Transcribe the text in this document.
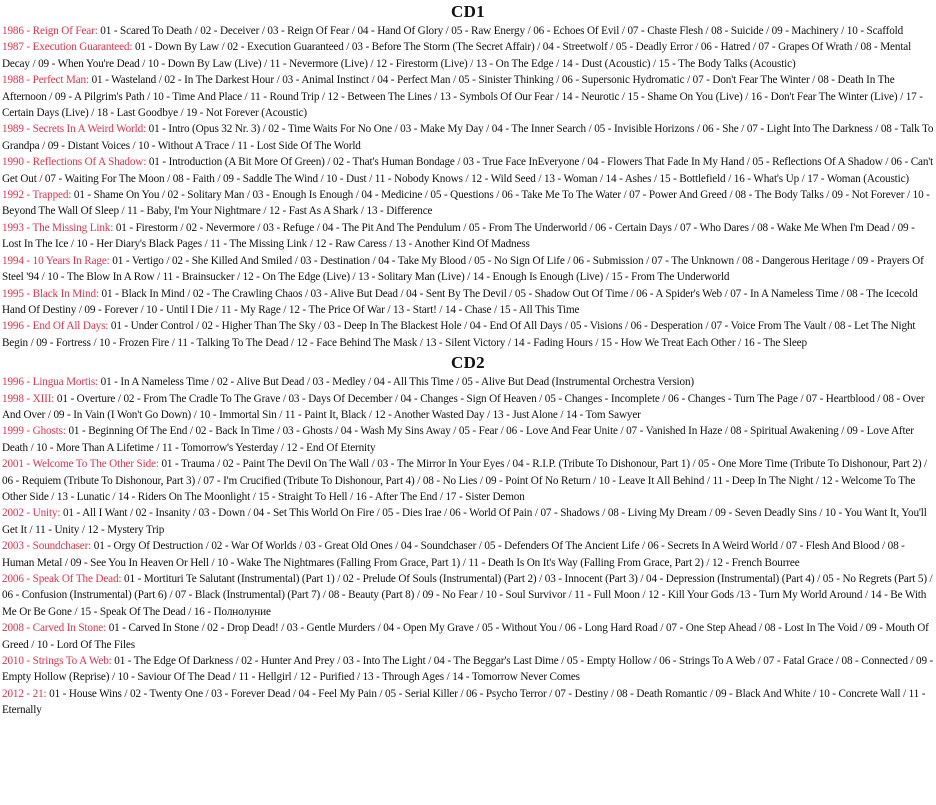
CD1

1986 - Reign Of Fear: 01 - Scared To Death / 02 - Deceiver / 03 - Reign Of Fear / 04 - Hand Of Glory / 05 - Raw Energy / 06 - Echoes Of Evil / 07 - Chaste Flesh / 08 - Suicide / 09 - Machinery / 10 - Scaffold

1987 - Execution Guaranteed: 01 - Down By Law / 02 - Execution Guaranteed / 03 - Before The Storm (The Secret Affair) / 04 - Streetwolf / 05 - Deadly Error / 06 - Hatred / 07 - Grapes Of Wrath / 08 - Mental Decay / 09 - When You're Dead / 10 - Down By Law (Live) / 11 - Nevermore (Live) / 12 - Firestorm (Live) / 13 - On The Edge / 14 - Dust (Acoustic) / 15 - The Body Talks (Acoustic)

1988 - Perfect Man: 01 - Wasteland / 02 - In The Darkest Hour / 03 - Animal Instinct / 04 - Perfect Man / 05 - Sinister Thinking / 06 - Supersonic Hydromatic / 07 - Don't Fear The Winter / 08 - Death In The Afternoon / 09 - A Pilgrim's Path / 10 - Time And Place / 11 - Round Trip / 12 - Between The Lines / 13 - Symbols Of Our Fear / 14 - Neurotic / 15 - Shame On You (Live) / 16 - Don't Fear The Winter (Live) / 17 - Certain Days (Live) / 18 - Last Goodbye / 19 - Not Forever (Acoustic)

1989 - Secrets In A Weird World: 01 - Intro (Opus 32 Nr. 3) / 02 - Time Waits For No One / 03 - Make My Day / 04 - The Inner Search / 05 - Invisible Horizons / 06 - She / 07 - Light Into The Darkness / 08 - Talk To Grandpa / 09 - Distant Voices / 10 - Without A Trace / 11 - Lost Side Of The World

1990 - Reflections Of A Shadow: 01 - Introduction (A Bit More Of Green) / 02 - That's Human Bondage / 03 - True Face InEveryone / 04 - Flowers That Fade In My Hand / 05 - Reflections Of A Shadow / 06 - Can't Get Out / 07 - Waiting For The Moon / 08 - Faith / 09 - Saddle The Wind / 10 - Dust / 11 - Nobody Knows / 12 - Wild Seed / 13 - Woman / 14 - Ashes / 15 - Bottlefield / 16 - What's Up / 17 - Woman (Acoustic)

1992 - Trapped: 01 - Shame On You / 02 - Solitary Man / 03 - Enough Is Enough / 04 - Medicine / 05 - Questions / 06 - Take Me To The Water / 07 - Power And Greed / 08 - The Body Talks / 09 - Not Forever / 10 - Beyond The Wall Of Sleep / 11 - Baby, I'm Your Nightmare / 12 - Fast As A Shark / 13 - Difference

1993 - The Missing Link: 01 - Firestorm / 02 - Nevermore / 03 - Refuge / 04 - The Pit And The Pendulum / 05 - From The Underworld / 06 - Certain Days / 07 - Who Dares / 08 - Wake Me When I'm Dead / 09 - Lost In The Ice / 10 - Her Diary's Black Pages / 11 - The Missing Link / 12 - Raw Caress / 13 - Another Kind Of Madness

1994 - 10 Years In Rage: 01 - Vertigo / 02 - She Killed And Smiled / 03 - Destination / 04 - Take My Blood / 05 - No Sign Of Life / 06 - Submission / 07 - The Unknown / 08 - Dangerous Heritage / 09 - Prayers Of Steel '94 / 10 - The Blow In A Row / 11 - Brainsucker / 12 - On The Edge (Live) / 13 - Solitary Man (Live) / 14 - Enough Is Enough (Live) / 15 - From The Underworld

1995 - Black In Mind: 01 - Black In Mind / 02 - The Crawling Chaos / 03 - Alive But Dead / 04 - Sent By The Devil / 05 - Shadow Out Of Time / 06 - A Spider's Web / 07 - In A Nameless Time / 08 - The Icecold Hand Of Destiny / 09 - Forever / 10 - Until I Die / 11 - My Rage / 12 - The Price Of War / 13 - Start! / 14 - Chase / 15 - All This Time

1996 - End Of All Days: 01 - Under Control / 02 - Higher Than The Sky / 03 - Deep In The Blackest Hole / 04 - End Of All Days / 05 - Visions / 06 - Desperation / 07 - Voice From The Vault / 08 - Let The Night Begin / 09 - Fortress / 10 - Frozen Fire / 11 - Talking To The Dead / 12 - Face Behind The Mask / 13 - Silent Victory / 14 - Fading Hours / 15 - How We Treat Each Other / 16 - The Sleep

CD2

1996 - Lingua Mortis: 01 - In A Nameless Time / 02 - Alive But Dead / 03 - Medley / 04 - All This Time / 05 - Alive But Dead (Instrumental Orchestra Version)

1998 - XIII: 01 - Overture / 02 - From The Cradle To The Grave / 03 - Days Of December / 04 - Changes - Sign Of Heaven / 05 - Changes - Incomplete / 06 - Changes - Turn The Page / 07 - Heartblood / 08 - Over And Over / 09 - In Vain (I Won't Go Down) / 10 - Immortal Sin / 11 - Paint It, Black / 12 - Another Wasted Day / 13 - Just Alone / 14 - Tom Sawyer

1999 - Ghosts: 01 - Beginning Of The End / 02 - Back In Time / 03 - Ghosts / 04 - Wash My Sins Away / 05 - Fear / 06 - Love And Fear Unite / 07 - Vanished In Haze / 08 - Spiritual Awakening / 09 - Love After Death / 10 - More Than A Lifetime / 11 - Tomorrow's Yesterday / 12 - End Of Eternity

2001 - Welcome To The Other Side: 01 - Trauma / 02 - Paint The Devil On The Wall / 03 - The Mirror In Your Eyes / 04 - R.I.P. (Tribute To Dishonour, Part 1) / 05 - One More Time (Tribute To Dishonour, Part 2) / 06 - Requiem (Tribute To Dishonour, Part 3) / 07 - I'm Crucified (Tribute To Dishonour, Part 4) / 08 - No Lies / 09 - Point Of No Return / 10 - Leave It All Behind / 11 - Deep In The Night / 12 - Welcome To The Other Side / 13 - Lunatic / 14 - Riders On The Moonlight / 15 - Straight To Hell / 16 - After The End / 17 - Sister Demon

2002 - Unity: 01 - All I Want / 02 - Insanity / 03 - Down / 04 - Set This World On Fire / 05 - Dies Irae / 06 - World Of Pain / 07 - Shadows / 08 - Living My Dream / 09 - Seven Deadly Sins / 10 - You Want It, You'll Get It / 11 - Unity / 12 - Mystery Trip

2003 - Soundchaser: 01 - Orgy Of Destruction / 02 - War Of Worlds / 03 - Great Old Ones / 04 - Soundchaser / 05 - Defenders Of The Ancient Life / 06 - Secrets In A Weird World / 07 - Flesh And Blood / 08 - Human Metal / 09 - See You In Heaven Or Hell / 10 - Wake The Nightmares (Falling From Grace, Part 1) / 11 - Death Is On It's Way (Falling From Grace, Part 2) / 12 - French Bourree

2006 - Speak Of The Dead: 01 - Mortituri Te Salutant (Instrumental) (Part 1) / 02 - Prelude Of Souls (Instrumental) (Part 2) / 03 - Innocent (Part 3) / 04 - Depression (Instrumental) (Part 4) / 05 - No Regrets (Part 5) / 06 - Confusion (Instrumental) (Part 6) / 07 - Black (Instrumental) (Part 7) / 08 - Beauty (Part 8) / 09 - No Fear / 10 - Soul Survivor / 11 - Full Moon / 12 - Kill Your Gods /13 - Turn My World Around / 14 - Be With Me Or Be Gone / 15 - Speak Of The Dead / 16 - Полнолуние

2008 - Carved In Stone: 01 - Carved In Stone / 02 - Drop Dead! / 03 - Gentle Murders / 04 - Open My Grave / 05 - Without You / 06 - Long Hard Road / 07 - One Step Ahead / 08 - Lost In The Void / 09 - Mouth Of Greed / 10 - Lord Of The Files

2010 - Strings To A Web: 01 - The Edge Of Darkness / 02 - Hunter And Prey / 03 - Into The Light / 04 - The Beggar's Last Dime / 05 - Empty Hollow / 06 - Strings To A Web / 07 - Fatal Grace / 08 - Connected / 09 - Empty Hollow (Reprise) / 10 - Saviour Of The Dead / 11 - Hellgirl / 12 - Purified / 13 - Through Ages / 14 - Tomorrow Never Comes

2012 - 21: 01 - House Wins / 02 - Twenty One / 03 - Forever Dead / 04 - Feel My Pain / 05 - Serial Killer / 06 - Psycho Terror / 07 - Destiny / 08 - Death Romantic / 09 - Black And White / 10 - Concrete Wall / 11 - Eternally
